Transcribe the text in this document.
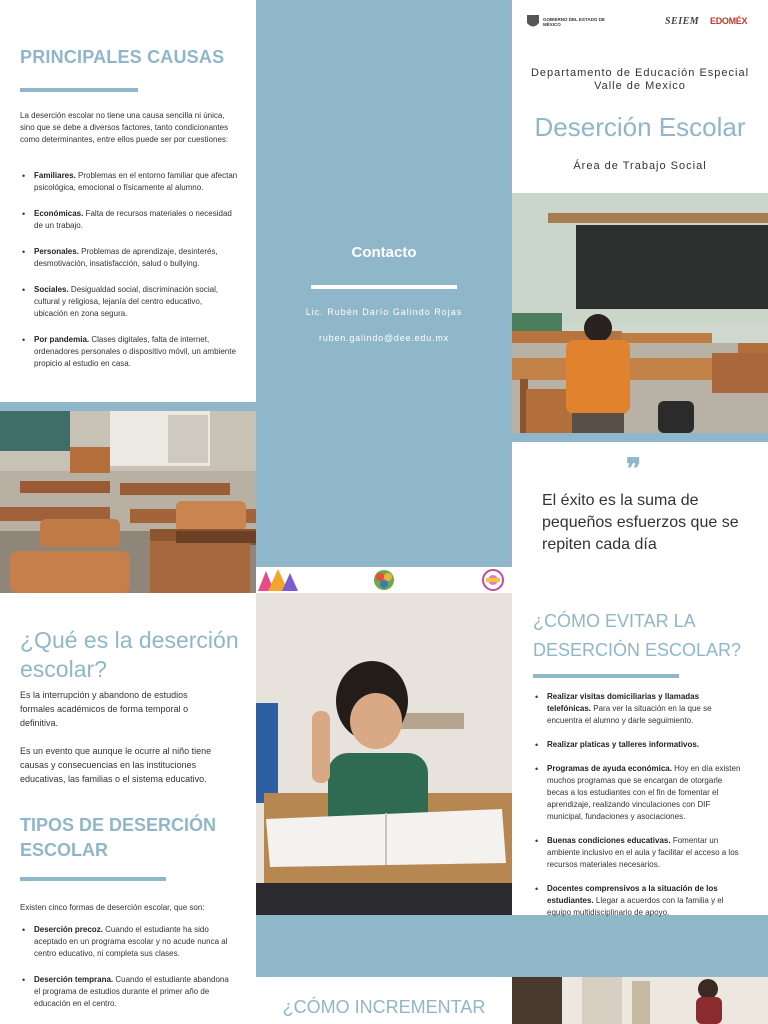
PRINCIPALES CAUSAS
La deserción escolar no tiene una causa sencilla ni única, sino que se debe a diversos factores, tanto condicionantes como determinantes, entre ellos puede ser por cuestiones:
• Familiares. Problemas en el entorno familiar que afectan psicológica, emocional o físicamente al alumno.
• Económicas. Falta de recursos materiales o necesidad de un trabajo.
• Personales. Problemas de aprendizaje, desinterés, desmotivación, insatisfacción, salud o bullying.
• Sociales. Desigualdad social, discriminación social, cultural y religiosa, lejanía del centro educativo, ubicación en zona segura.
• Por pandemia. Clases digitales, falta de internet, ordenadores personales o dispositivo móvil, un ambiente propicio al estudio en casa.
Contacto
Lic. Rubén Darío Galindo Rojas
ruben.galindo@dee.edu.mx
GOBIERNO DEL ESTADO DE MÉXICO	SEIEM EDOMÉX
Departamento de Educación Especial Valle de Mexico
Deserción Escolar
Área de Trabajo Social
❞
El éxito es la suma de pequeños esfuerzos que se repiten cada día
¿Qué es la deserción escolar?
Es la interrupción y abandono de estudios formales académicos de forma temporal o definitiva.
Es un evento que aunque le ocurre al niño tiene causas y consecuencias en las instituciones educativas, las familias o el sistema educativo.
TIPOS DE DESERCIÓN ESCOLAR
Existen cinco formas de deserción escolar, que son:
• Deserción precoz. Cuando el estudiante ha sido aceptado en un programa escolar y no acude nunca al centro educativo, ni completa sus clases.
• Deserción temprana. Cuando el estudiante abandona el programa de estudios durante el primer año de educación en el centro.	¿CÓMO INCREMENTAR
¿CÓMO EVITAR LA DESERCIÓN ESCOLAR?
• Realizar visitas domiciliarias y llamadas telefónicas. Para ver la situación en la que se encuentra el alumno y darle seguimiento.
• Realizar platicas y talleres informativos.
• Programas de ayuda económica. Hoy en día existen muchos programas que se encargan de otorgarle becas a los estudiantes con el fin de fomentar el aprendizaje, realizando vinculaciones con DIF municipal, fundaciones y asociaciones.
• Buenas condiciones educativas. Fomentar un ambiente inclusivo en el aula y facilitar el acceso a los recursos materiales necesarios.
• Docentes comprensivos a la situación de los estudiantes. Llegar a acuerdos con la familia y el equipo multidisciplinario de apoyo.
